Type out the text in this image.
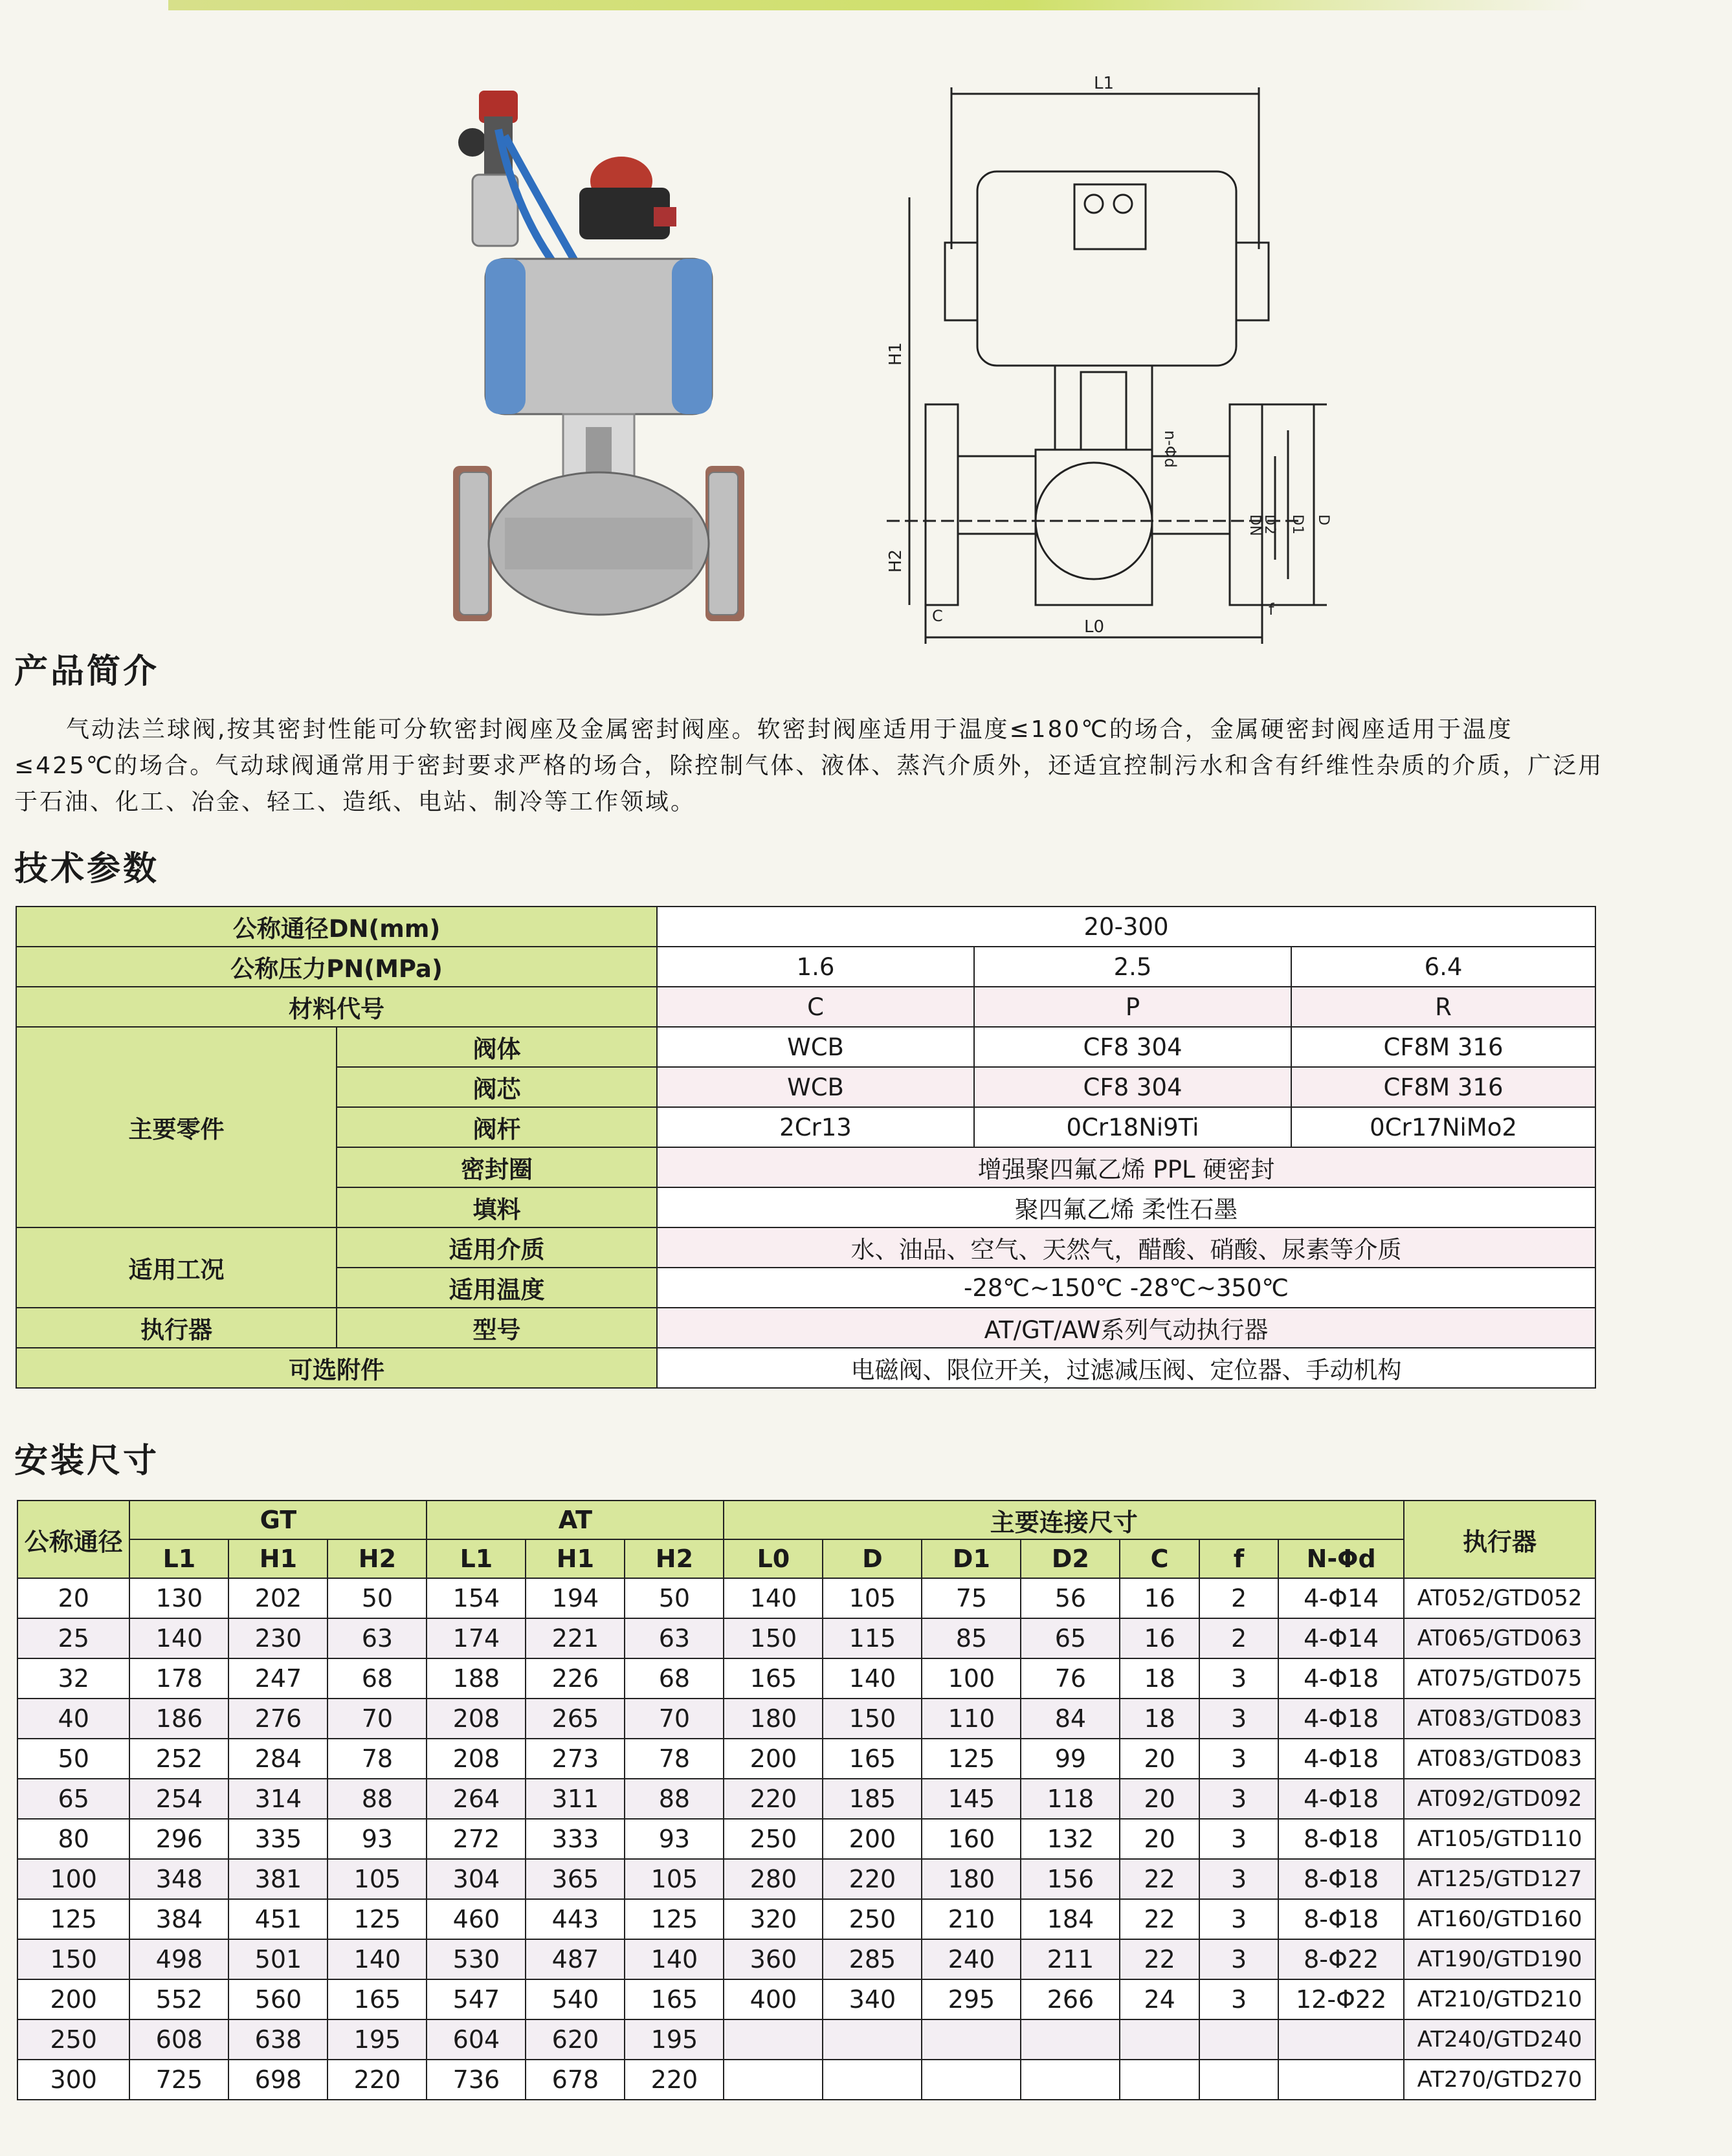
L1
n-Φd
H1
H2
DN
D2 D1 D
L0
C	f
产品简介

气动法兰球阀,按其密封性能可分软密封阀座及金属密封阀座。软密封阀座适用于温度≤180℃的场合，金属硬密封阀座适用于温度≤425℃的场合。气动球阀通常用于密封要求严格的场合，除控制气体、液体、蒸汽介质外，还适宜控制污水和含有纤维性杂质的介质，广泛用于石油、化工、冶金、轻工、造纸、电站、制冷等工作领域。

技术参数
公称通径DN(mm)		20-300		
公称压力PN(MPa)		1.6	2.5	6.4
材料代号		C	P	R
主要零件	阀体	WCB	CF8 304	CF8M 316
	阀芯	WCB	CF8 304	CF8M 316
	阀杆	2Cr13	0Cr18Ni9Ti	0Cr17NiMo2
	密封圈	增强聚四氟乙烯 PPL 硬密封		
	填料	聚四氟乙烯 柔性石墨		
适用工况	适用介质	水、油品、空气、天然气，醋酸、硝酸、尿素等介质		
	适用温度	-28℃~150℃ -28℃~350℃		
执行器	型号	AT/GT/AW系列气动执行器		
可选附件		电磁阀、限位开关，过滤减压阀、定位器、手动机构		
安装尺寸
公称通径	GT			AT			主要连接尺寸							执行器
	L1	H1	H2	L1	H1	H2	L0	D	D1	D2	C	f	N-Φd	
20	130	202	50	154	194	50	140	105	75	56	16	2	4-Φ14	AT052/GTD052
25	140	230	63	174	221	63	150	115	85	65	16	2	4-Φ14	AT065/GTD063
32	178	247	68	188	226	68	165	140	100	76	18	3	4-Φ18	AT075/GTD075
40	186	276	70	208	265	70	180	150	110	84	18	3	4-Φ18	AT083/GTD083
50	252	284	78	208	273	78	200	165	125	99	20	3	4-Φ18	AT083/GTD083
65	254	314	88	264	311	88	220	185	145	118	20	3	4-Φ18	AT092/GTD092
80	296	335	93	272	333	93	250	200	160	132	20	3	8-Φ18	AT105/GTD110
100	348	381	105	304	365	105	280	220	180	156	22	3	8-Φ18	AT125/GTD127
125	384	451	125	460	443	125	320	250	210	184	22	3	8-Φ18	AT160/GTD160
150	498	501	140	530	487	140	360	285	240	211	22	3	8-Φ22	AT190/GTD190
200	552	560	165	547	540	165	400	340	295	266	24	3	12-Φ22	AT210/GTD210
250	608	638	195	604	620	195								AT240/GTD240
300	725	698	220	736	678	220								AT270/GTD270
